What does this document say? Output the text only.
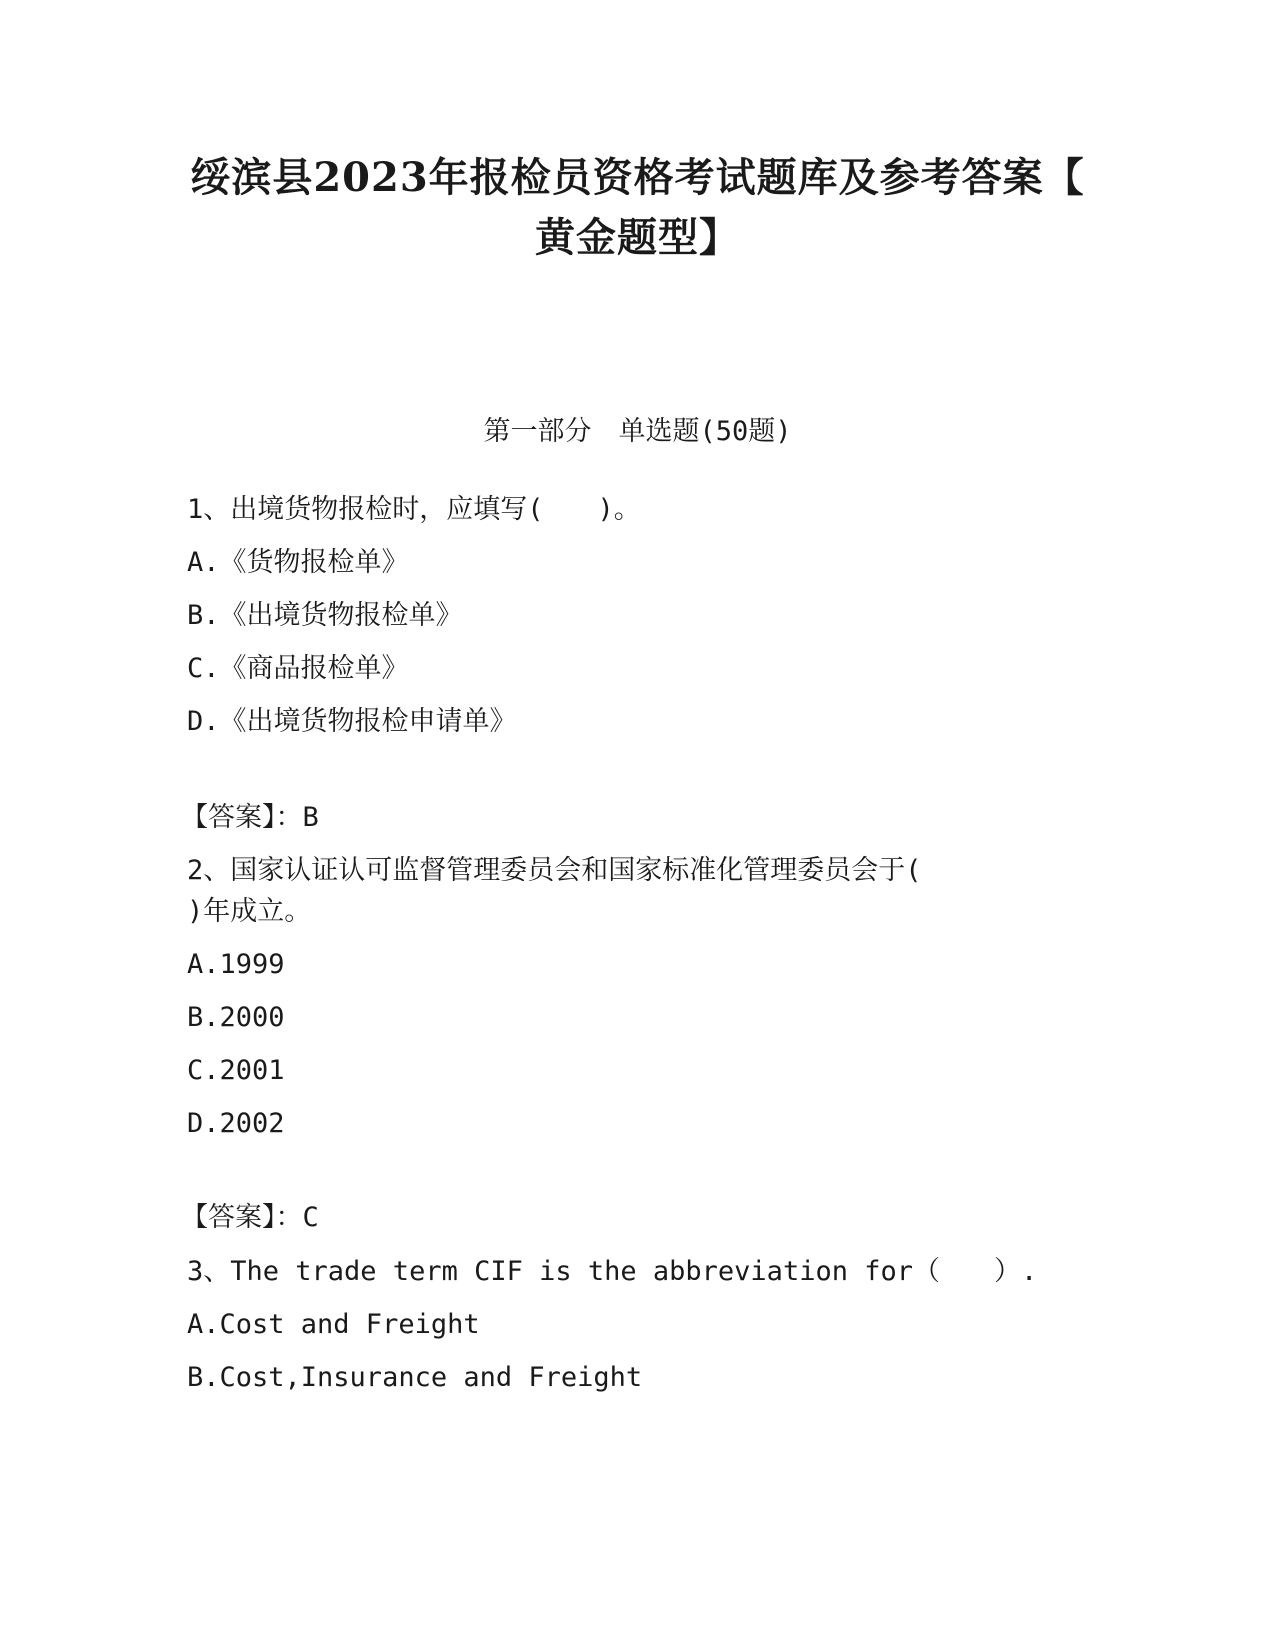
绥滨县2023年报检员资格考试题库及参考答案【
黄金题型】
第一部分　单选题(50题)
1、出境货物报检时，应填写(　　)。
A.《货物报检单》
B.《出境货物报检单》
C.《商品报检单》
D.《出境货物报检申请单》
【答案】：B
2、国家认证认可监督管理委员会和国家标准化管理委员会于(
)年成立。
A.1999
B.2000
C.2001
D.2002
【答案】：C
3、The trade term CIF is the abbreviation for（　　）.
A.Cost and Freight
B.Cost,Insurance and Freight
